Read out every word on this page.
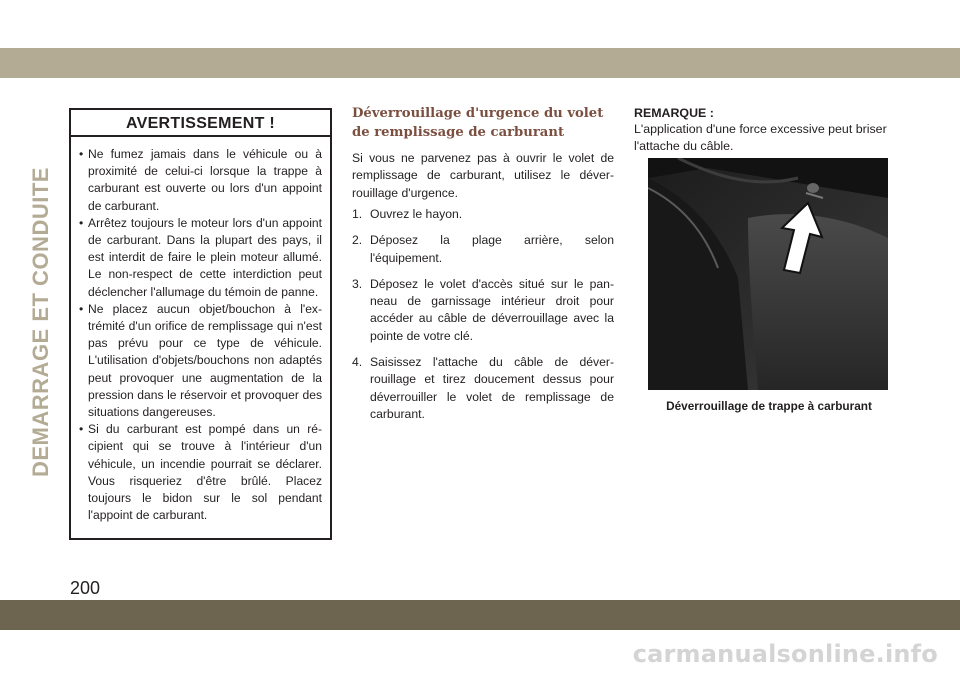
DEMARRAGE ET CONDUITE
AVERTISSEMENT !
• Ne fumez jamais dans le véhicule ou à proximité de celui-ci lorsque la trappe à carburant est ouverte ou lors d'un appoint de carburant.
• Arrêtez toujours le moteur lors d'un appoint de carburant. Dans la plupart des pays, il est interdit de faire le plein moteur allumé. Le non-respect de cette interdiction peut déclencher l'allumage du témoin de panne.
• Ne placez aucun objet/bouchon à l'extrémité d'un orifice de remplissage qui n'est pas prévu pour ce type de véhicule. L'utilisation d'objets/bouchons non adaptés peut provoquer une augmentation de la pression dans le réservoir et provoquer des situations dangereuses.
• Si du carburant est pompé dans un récipient qui se trouve à l'intérieur d'un véhicule, un incendie pourrait se déclarer. Vous risqueriez d'être brûlé. Placez toujours le bidon sur le sol pendant l'appoint de carburant.
Déverrouillage d'urgence du volet de remplissage de carburant
Si vous ne parvenez pas à ouvrir le volet de remplissage de carburant, utilisez le déverrouillage d'urgence.
1. Ouvrez le hayon.
2. Déposez la plage arrière, selon l'équipement.
3. Déposez le volet d'accès situé sur le panneau de garnissage intérieur droit pour accéder au câble de déverrouillage avec la pointe de votre clé.
4. Saisissez l'attache du câble de déverrouillage et tirez doucement dessus pour déverrouiller le volet de remplissage de carburant.
REMARQUE :
L'application d'une force excessive peut briser l'attache du câble.
Déverrouillage de trappe à carburant
200
carmanualsonline.info
